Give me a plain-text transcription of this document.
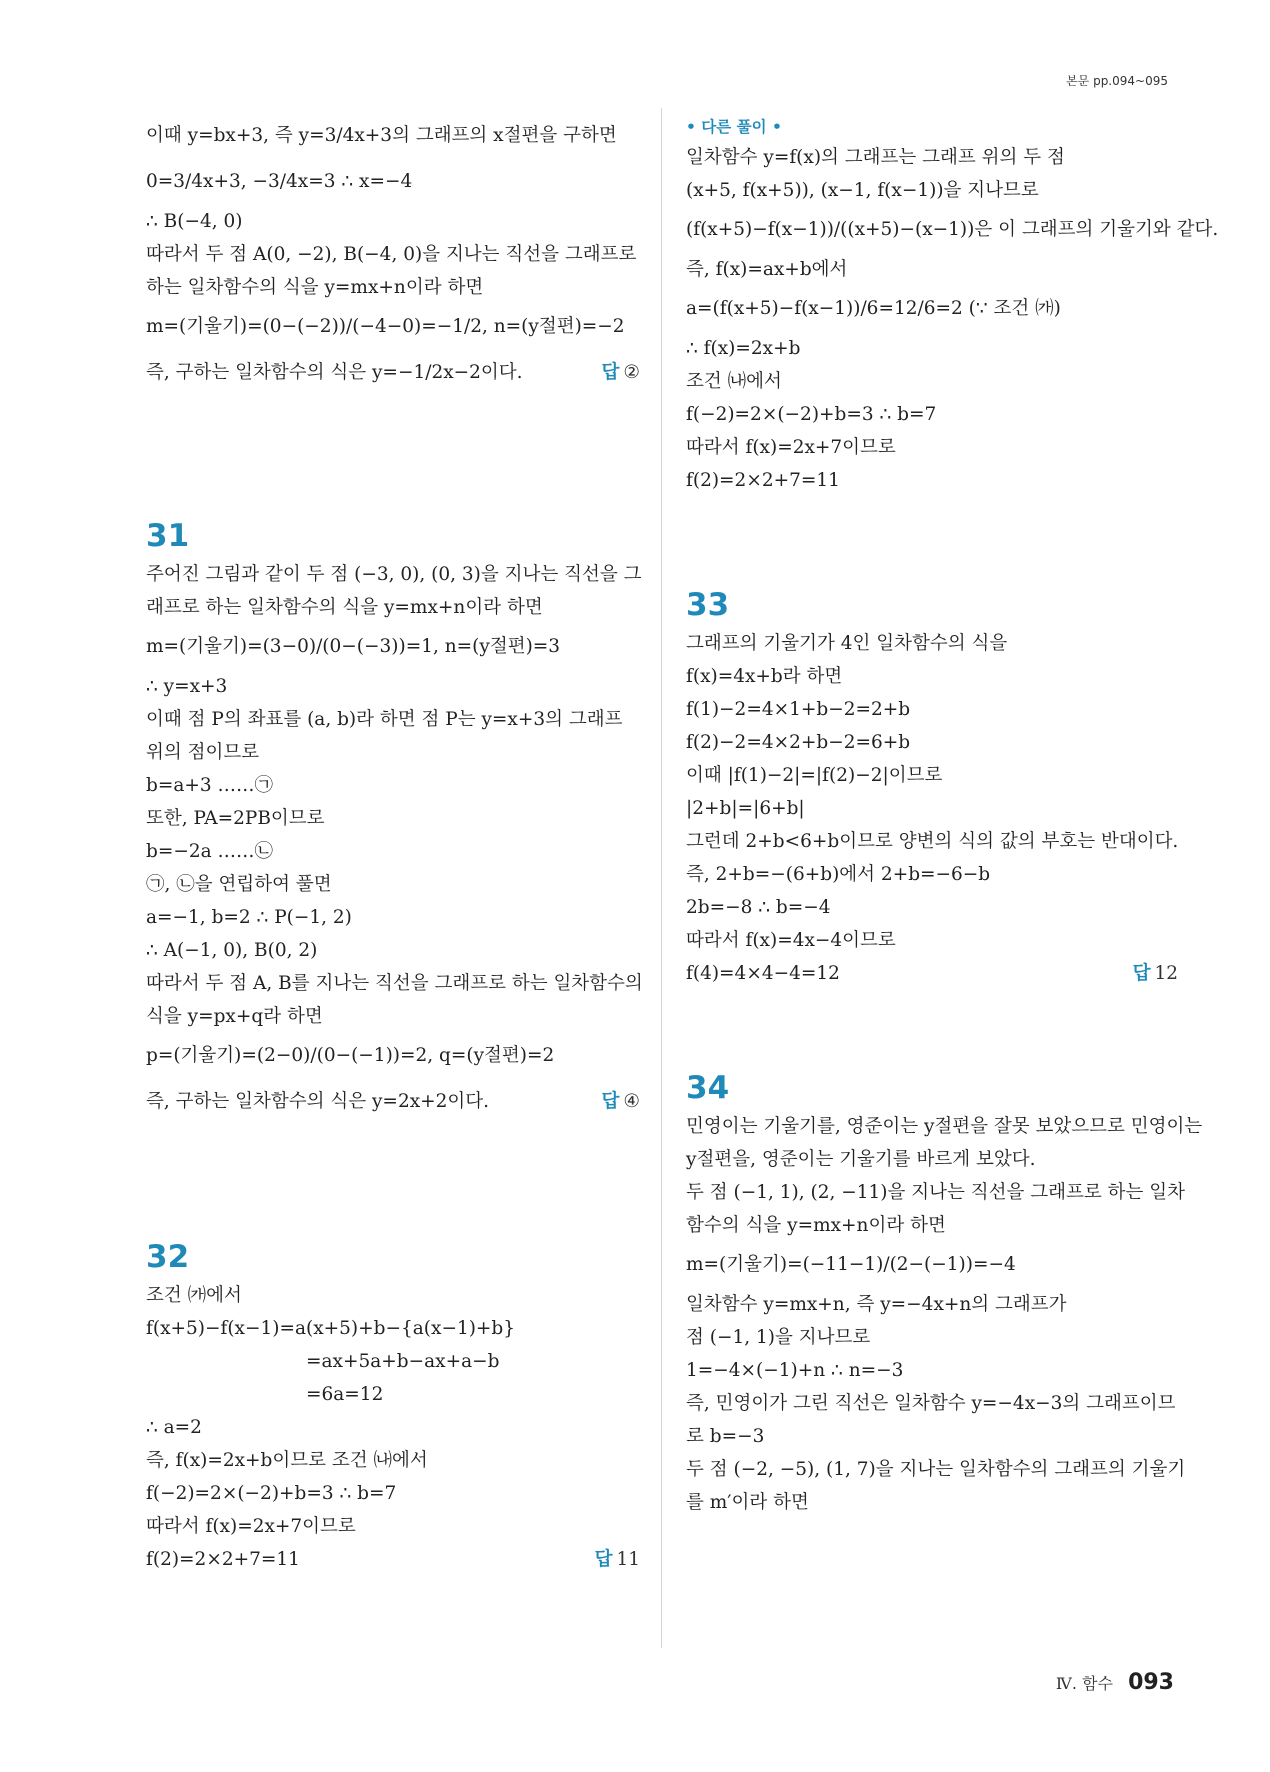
본문 pp.094~095
이때 y=bx+3, 즉 y=3/4x+3의 그래프의 x절편을 구하면
0=3/4x+3, −3/4x=3 ∴ x=−4
∴ B(−4, 0)
따라서 두 점 A(0, −2), B(−4, 0)을 지나는 직선을 그래프로
하는 일차함수의 식을 y=mx+n이라 하면
m=(기울기)=(0−(−2))/(−4−0)=−1/2, n=(y절편)=−2
즉, 구하는 일차함수의 식은 y=−1/2x−2이다.	답 ②
31
주어진 그림과 같이 두 점 (−3, 0), (0, 3)을 지나는 직선을 그
래프로 하는 일차함수의 식을 y=mx+n이라 하면
m=(기울기)=(3−0)/(0−(−3))=1, n=(y절편)=3
∴ y=x+3
이때 점 P의 좌표를 (a, b)라 하면 점 P는 y=x+3의 그래프
위의 점이므로
b=a+3 ……㉠
또한, PA=2PB이므로
b=−2a ……㉡
㉠, ㉡을 연립하여 풀면
a=−1, b=2 ∴ P(−1, 2)
∴ A(−1, 0), B(0, 2)
따라서 두 점 A, B를 지나는 직선을 그래프로 하는 일차함수의
식을 y=px+q라 하면
p=(기울기)=(2−0)/(0−(−1))=2, q=(y절편)=2
즉, 구하는 일차함수의 식은 y=2x+2이다.	답 ④
32
조건 ㈎에서
f(x+5)−f(x−1)=a(x+5)+b−{a(x−1)+b}
=ax+5a+b−ax+a−b
=6a=12
∴ a=2
즉, f(x)=2x+b이므로 조건 ㈏에서
f(−2)=2×(−2)+b=3 ∴ b=7
따라서 f(x)=2x+7이므로
f(2)=2×2+7=11	답 11
• 다른 풀이 •
일차함수 y=f(x)의 그래프는 그래프 위의 두 점
(x+5, f(x+5)), (x−1, f(x−1))을 지나므로
(f(x+5)−f(x−1))/((x+5)−(x−1))은 이 그래프의 기울기와 같다.
즉, f(x)=ax+b에서
a=(f(x+5)−f(x−1))/6=12/6=2 (∵ 조건 ㈎)
∴ f(x)=2x+b
조건 ㈏에서
f(−2)=2×(−2)+b=3 ∴ b=7
따라서 f(x)=2x+7이므로
f(2)=2×2+7=11
33
그래프의 기울기가 4인 일차함수의 식을
f(x)=4x+b라 하면
f(1)−2=4×1+b−2=2+b
f(2)−2=4×2+b−2=6+b
이때 |f(1)−2|=|f(2)−2|이므로
|2+b|=|6+b|
그런데 2+b<6+b이므로 양변의 식의 값의 부호는 반대이다.
즉, 2+b=−(6+b)에서 2+b=−6−b
2b=−8 ∴ b=−4
따라서 f(x)=4x−4이므로
f(4)=4×4−4=12	답 12
34
민영이는 기울기를, 영준이는 y절편을 잘못 보았으므로 민영이는
y절편을, 영준이는 기울기를 바르게 보았다.
두 점 (−1, 1), (2, −11)을 지나는 직선을 그래프로 하는 일차
함수의 식을 y=mx+n이라 하면
m=(기울기)=(−11−1)/(2−(−1))=−4
일차함수 y=mx+n, 즉 y=−4x+n의 그래프가
점 (−1, 1)을 지나므로
1=−4×(−1)+n ∴ n=−3
즉, 민영이가 그린 직선은 일차함수 y=−4x−3의 그래프이므
로 b=−3
두 점 (−2, −5), (1, 7)을 지나는 일차함수의 그래프의 기울기
를 m′이라 하면
Ⅳ. 함수 093
